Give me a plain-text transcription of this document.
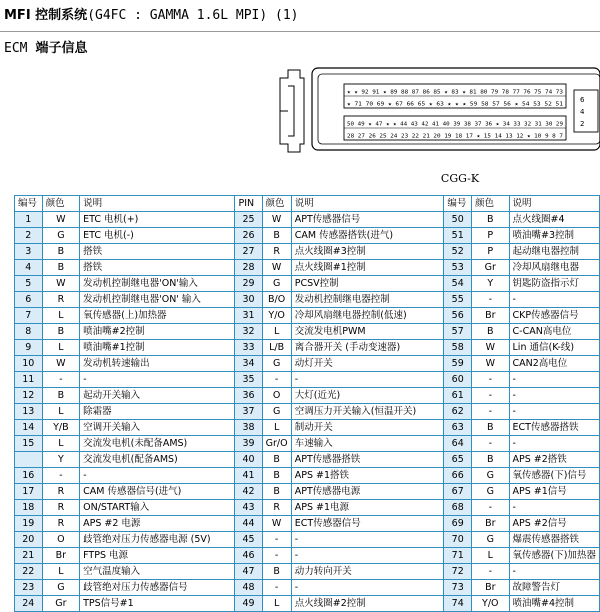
MFI 控制系统(G4FC : GAMMA 1.6L MPI) (1)
ECM 端子信息
★ ★ 92 91 ★ 89 88 87 86 85 ★ 83 ★ 81 80 79 78 77 76 75 74 73
★ 71 70 69 ★ 67 66 65 ★ 63 ★ ★ ★ 59 58 57 56 ★ 54 53 52 51
50 49 ★ 47 ★ ★ 44 43 42 41 40 39 38 37 36 ★ 34 33 32 31 30 29
28 27 26 25 24 23 22 21 20 19 18 17 ★ 15 14 13 12 ★ 10 9 8 7
6
4
2
CGG-K
编号	颜色	说明	PIN	颜色	说明	编号	颜色	说明
1	W	ETC 电机(+)	25	W	APT传感器信号	50	B	点火线圈#4
2	G	ETC 电机(-)	26	B	CAM 传感器搭铁(进气)	51	P	喷油嘴#3控制
3	B	搭铁	27	R	点火线圈#3控制	52	P	起动继电器控制
4	B	搭铁	28	W	点火线圈#1控制	53	Gr	冷却风扇继电器
5	W	发动机控制继电器'ON'输入	29	G	PCSV控制	54	Y	钥匙防盗指示灯
6	R	发动机控制继电器'ON' 输入	30	B/O	发动机控制继电器控制	55	-	-
7	L	氧传感器(上)加热器	31	Y/O	冷却风扇继电器控制(低速)	56	Br	CKP传感器信号
8	B	喷油嘴#2控制	32	L	交流发电机PWM	57	B	C-CAN高电位
9	L	喷油嘴#1控制	33	L/B	离合器开关 (手动变速器)	58	W	Lin 通信(K-线)
10	W	发动机转速输出	34	G	动灯开关	59	W	CAN2高电位
11	-	-	35	-	-	60	-	-
12	B	起动开关输入	36	O	大灯(近光)	61	-	-
13	L	除霜器	37	G	空调压力开关输入(恒温开关)	62	-	-
14	Y/B	空调开关输入	38	L	制动开关	63	B	ECT传感器搭铁
15	L	交流发电机(未配备AMS)	39	Gr/O	车速输入	64	-	-
	Y	交流发电机(配备AMS)	40	B	APT传感器搭铁	65	B	APS #2搭铁
16	-	-	41	B	APS #1搭铁	66	G	氧传感器(下)信号
17	R	CAM 传感器信号(进气)	42	B	APT传感器电源	67	G	APS #1信号
18	R	ON/START输入	43	R	APS #1电源	68	-	-
19	R	APS #2 电源	44	W	ECT传感器信号	69	Br	APS #2信号
20	O	歧管绝对压力传感器电源 (5V)	45	-	-	70	G	爆震传感器搭铁
21	Br	FTPS 电源	46	-	-	71	L	氧传感器(下)加热器
22	L	空气温度输入	47	B	动力转向开关	72	-	-
23	G	歧管绝对压力传感器信号	48	-	-	73	Br	故障警告灯
24	Gr	TPS信号#1	49	L	点火线圈#2控制	74	Y/O	喷油嘴#4控制
